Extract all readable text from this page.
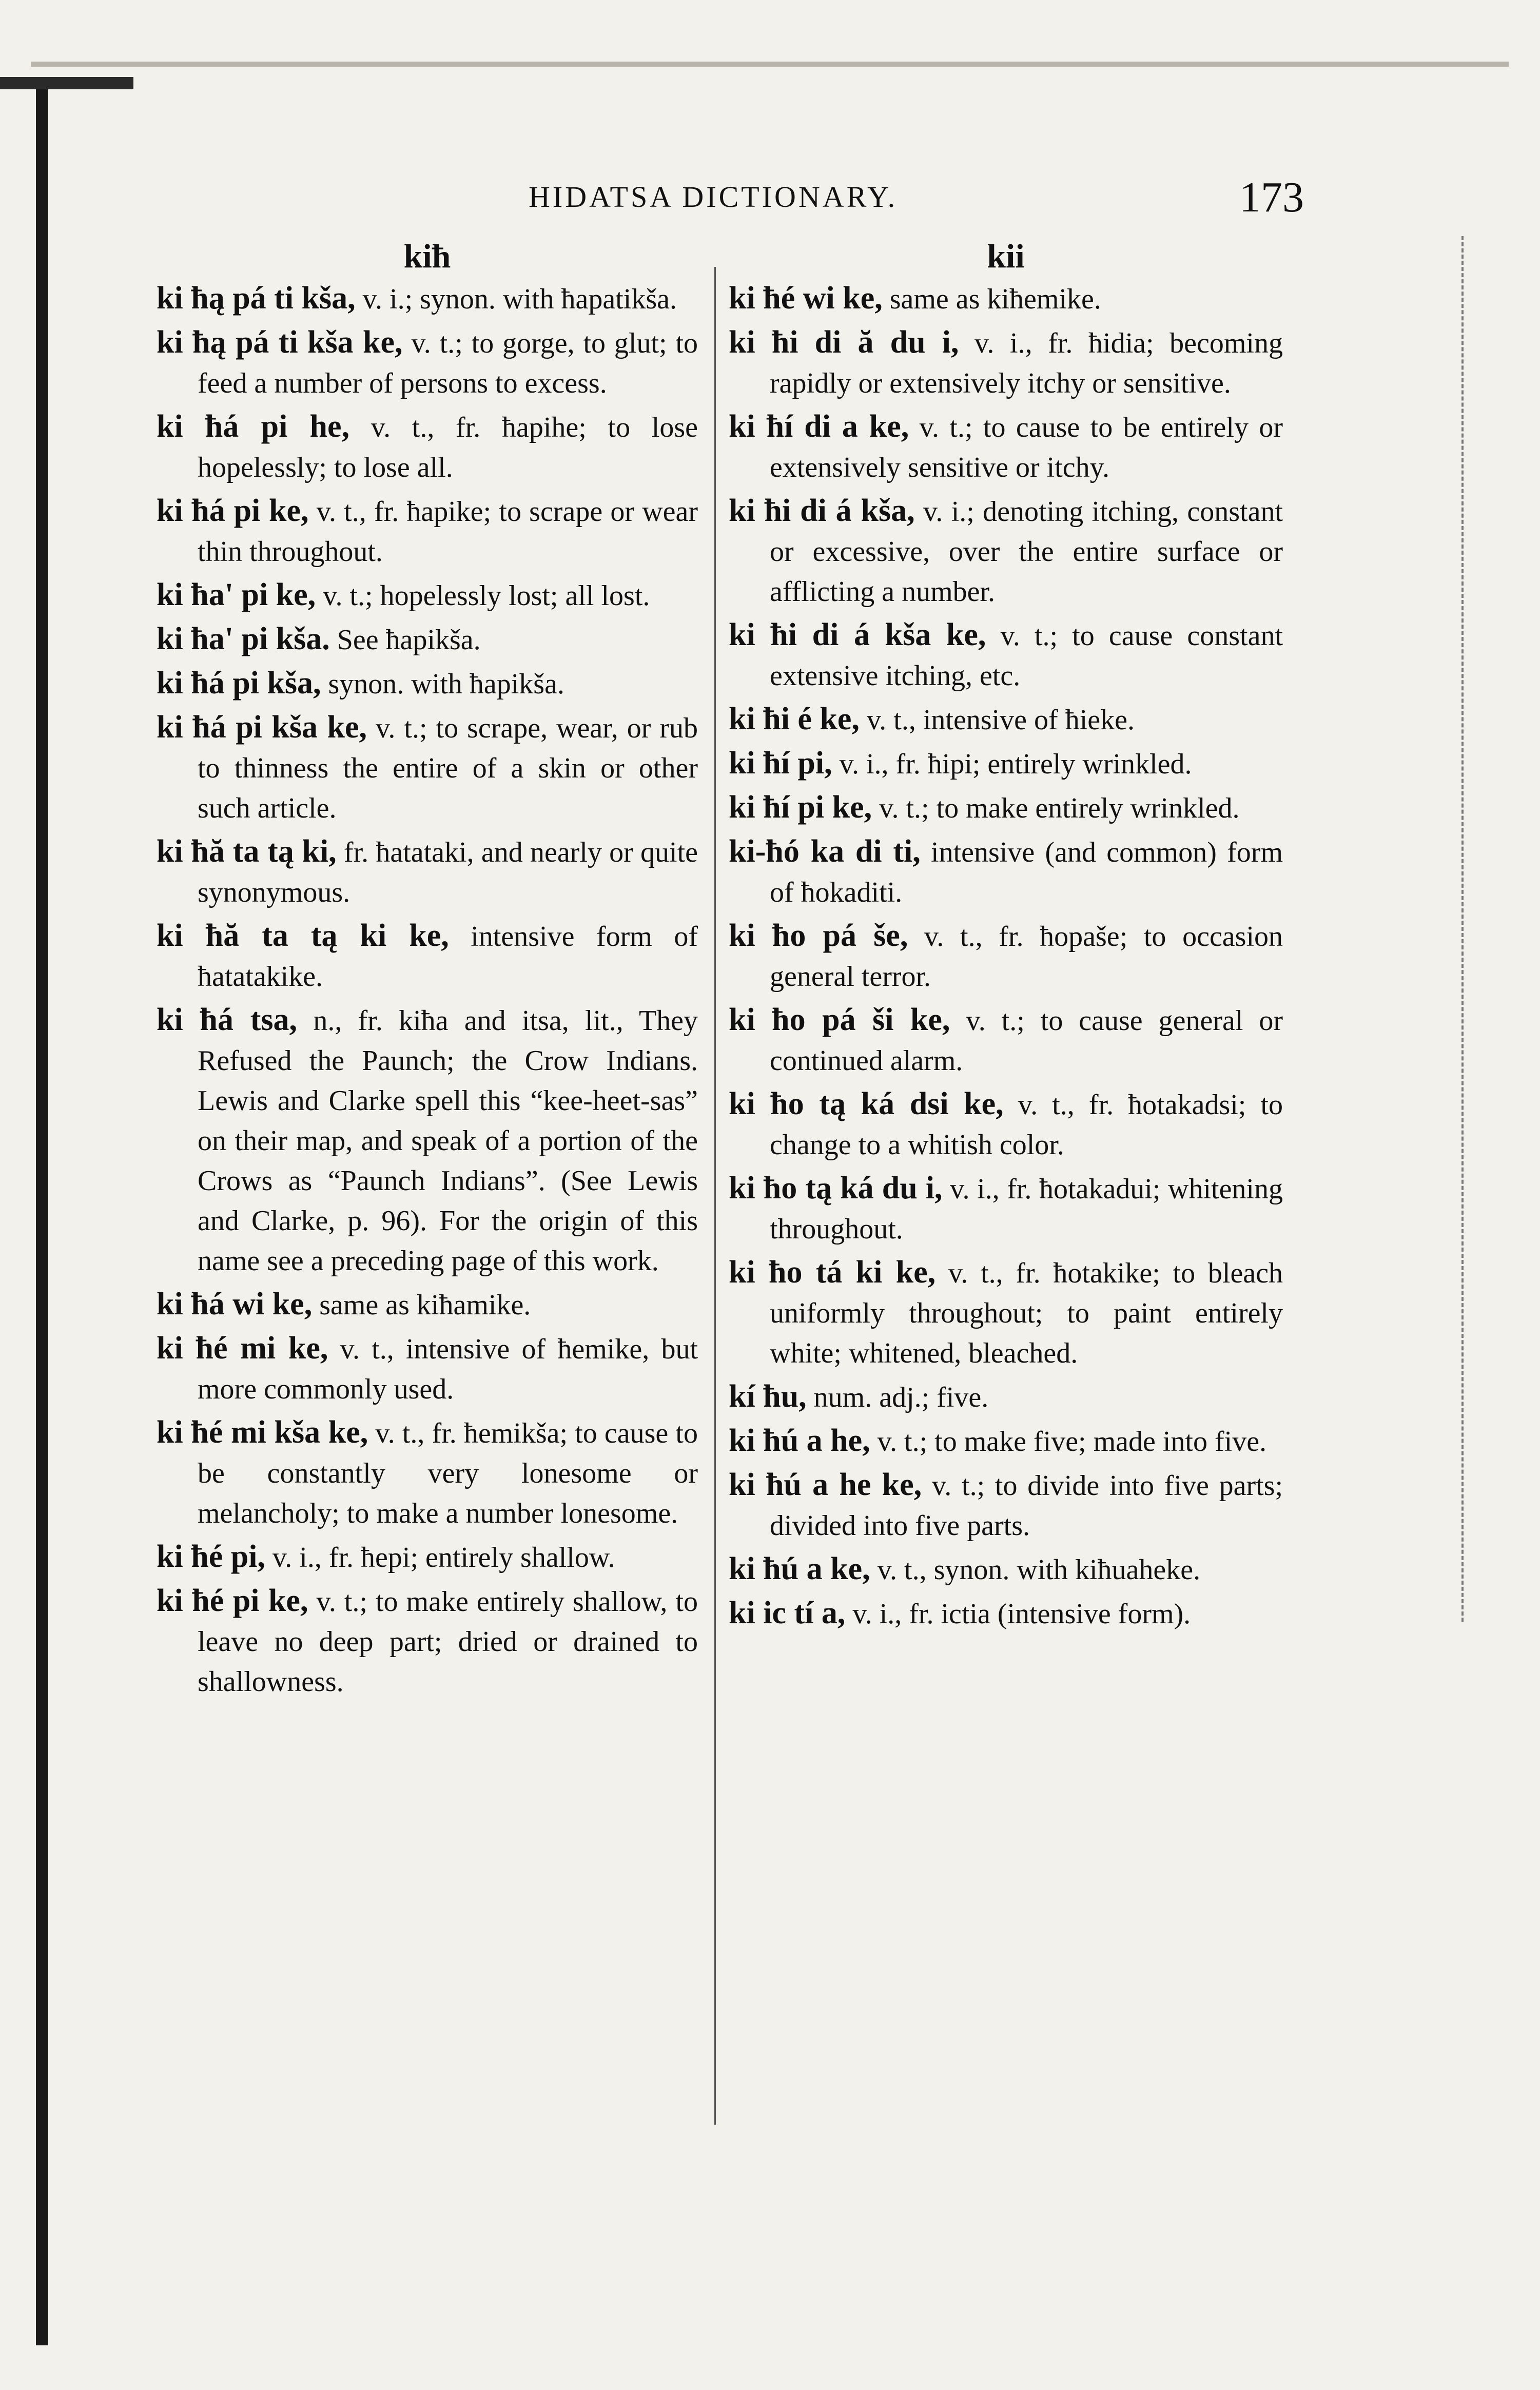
HIDATSA DICTIONARY.	173
kiħ

ki ħą pá ti kša, v. i.; synon. with ħapatikša.

ki ħą pá ti kša ke, v. t.; to gorge, to glut; to feed a number of persons to excess.

ki ħá pi he, v. t., fr. ħapihe; to lose hopelessly; to lose all.

ki ħá pi ke, v. t., fr. ħapike; to scrape or wear thin throughout.

ki ħa' pi ke, v. t.; hopelessly lost; all lost.

ki ħa' pi kša. See ħapikša.

ki ħá pi kša, synon. with ħapikša.

ki ħá pi kša ke, v. t.; to scrape, wear, or rub to thinness the entire of a skin or other such article.

ki ħă ta tą ki, fr. ħatataki, and nearly or quite synonymous.

ki ħă ta tą ki ke, intensive form of ħatatakike.

ki ħá tsa, n., fr. kiħa and itsa, lit., They Refused the Paunch; the Crow Indians. Lewis and Clarke spell this “kee-heet-sas” on their map, and speak of a portion of the Crows as “Paunch Indians”. (See Lewis and Clarke, p. 96). For the origin of this name see a preceding page of this work.

ki ħá wi ke, same as kiħamike.

ki ħé mi ke, v. t., intensive of ħemike, but more commonly used.

ki ħé mi kša ke, v. t., fr. ħemikša; to cause to be constantly very lonesome or melancholy; to make a number lonesome.

ki ħé pi, v. i., fr. ħepi; entirely shallow.

ki ħé pi ke, v. t.; to make entirely shallow, to leave no deep part; dried or drained to shallowness.

kii

ki ħé wi ke, same as kiħemike.

ki ħi di ă du i, v. i., fr. ħidia; becoming rapidly or extensively itchy or sensitive.

ki ħí di a ke, v. t.; to cause to be entirely or extensively sensitive or itchy.

ki ħi di á kša, v. i.; denoting itching, constant or excessive, over the entire surface or afflicting a number.

ki ħi di á kša ke, v. t.; to cause constant extensive itching, etc.

ki ħi é ke, v. t., intensive of ħieke.

ki ħí pi, v. i., fr. ħipi; entirely wrinkled.

ki ħí pi ke, v. t.; to make entirely wrinkled.

ki-ħó ka di ti, intensive (and common) form of ħokaditi.

ki ħo pá še, v. t., fr. ħopaše; to occasion general terror.

ki ħo pá ši ke, v. t.; to cause general or continued alarm.

ki ħo tą ká dsi ke, v. t., fr. ħotakadsi; to change to a whitish color.

ki ħo tą ká du i, v. i., fr. ħotakadui; whitening throughout.

ki ħo tá ki ke, v. t., fr. ħotakike; to bleach uniformly throughout; to paint entirely white; whitened, bleached.

kí ħu, num. adj.; five.

ki ħú a he, v. t.; to make five; made into five.

ki ħú a he ke, v. t.; to divide into five parts; divided into five parts.

ki ħú a ke, v. t., synon. with kiħuaheke.

ki ic tí a, v. i., fr. ictia (intensive form).
